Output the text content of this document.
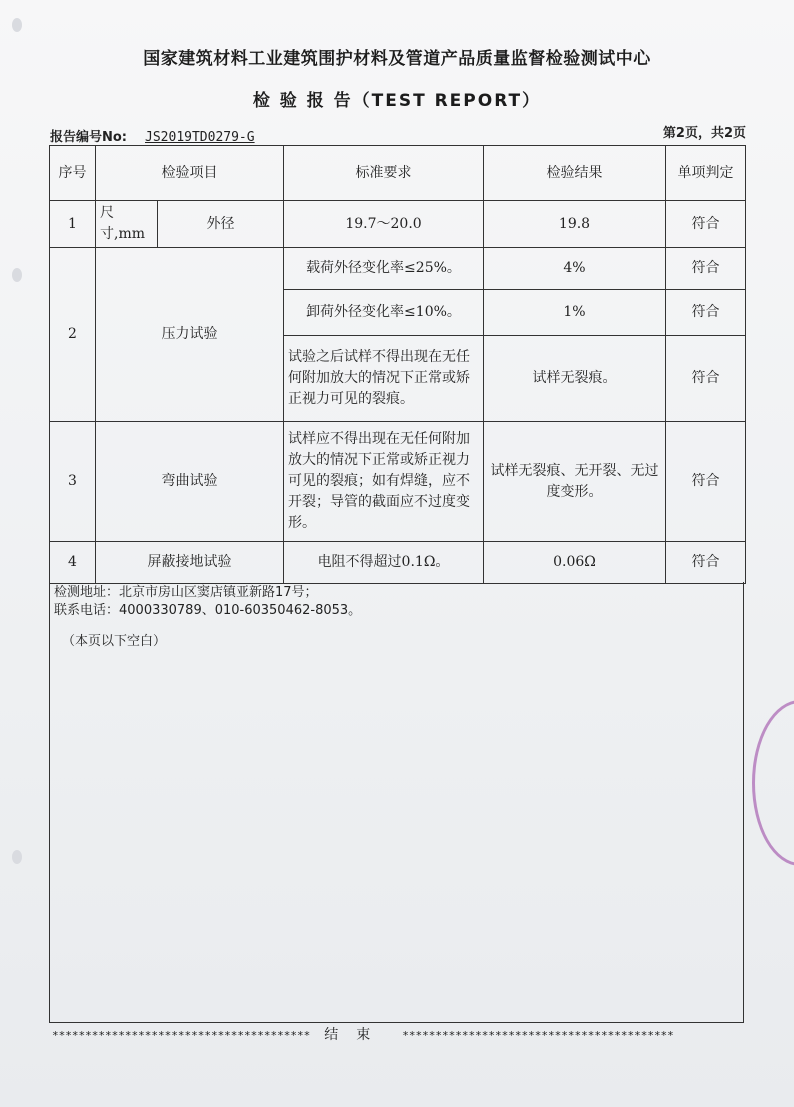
国家建筑材料工业建筑围护材料及管道产品质量监督检验测试中心
检 验 报 告（TEST REPORT）
报告编号No: JS2019TD0279-G	第2页，共2页
序号	检验项目		标准要求	检验结果	单项判定
1	尺寸,mm	外径	19.7～20.0	19.8	符合
2	压力试验		载荷外径变化率≤25%。	4%	符合
			卸荷外径变化率≤10%。	1%	符合
			试验之后试样不得出现在无任何附加放大的情况下正常或矫正视力可见的裂痕。	试样无裂痕。	符合
3	弯曲试验		试样应不得出现在无任何附加放大的情况下正常或矫正视力可见的裂痕；如有焊缝，应不开裂；导管的截面应不过度变形。	试样无裂痕、无开裂、无过度变形。	符合
4	屏蔽接地试验		电阻不得超过0.1Ω。	0.06Ω	符合
检测地址：北京市房山区窦店镇亚新路17号；
联系电话：4000330789、010-60350462-8053。
（本页以下空白）
*************************************** 结束 *****************************************
